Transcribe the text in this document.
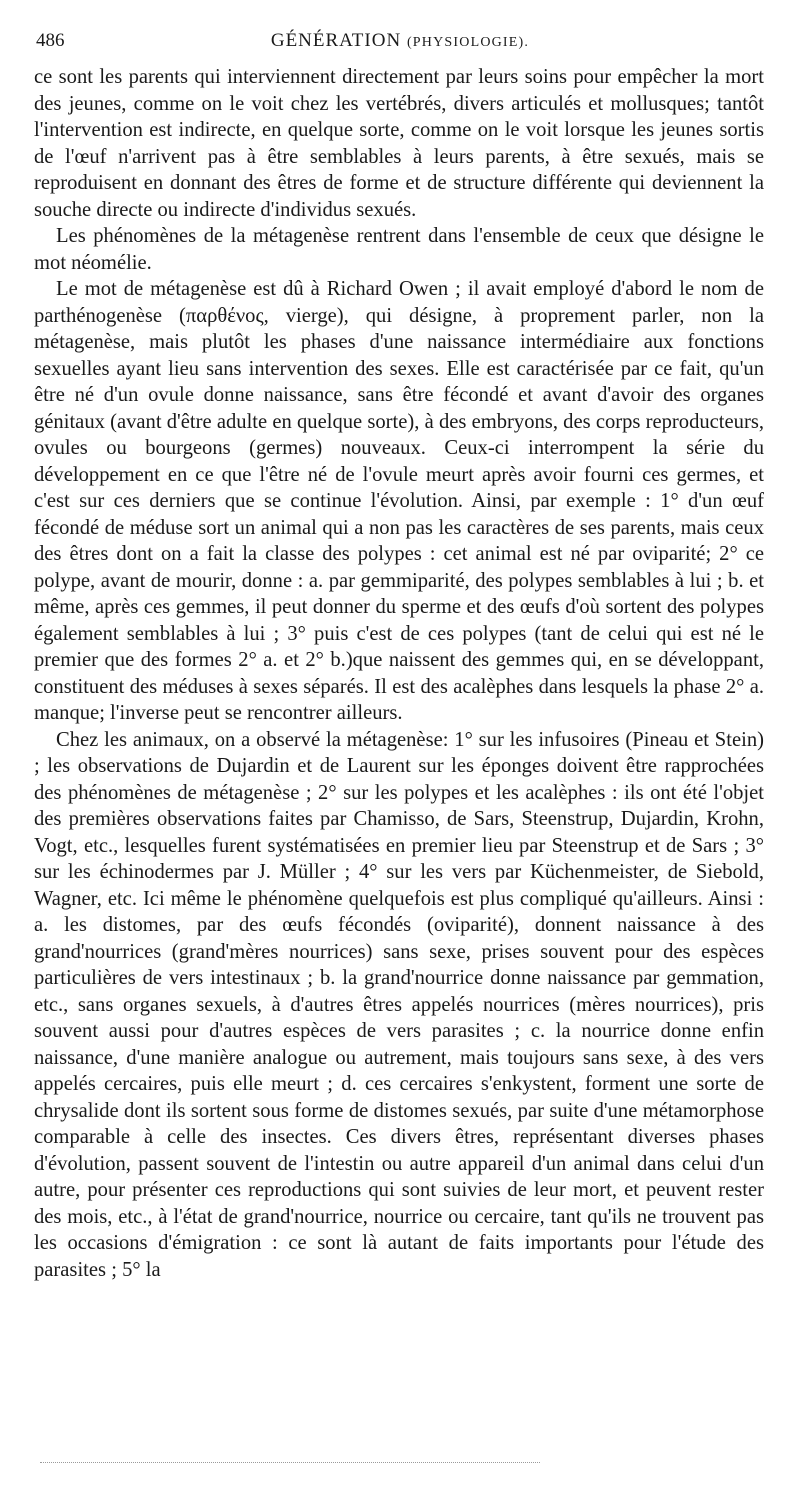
486	GÉNÉRATION (PHYSIOLOGIE).

ce sont les parents qui interviennent directement par leurs soins pour empêcher la mort des jeunes, comme on le voit chez les vertébrés, divers articulés et mollusques; tantôt l'intervention est indirecte, en quelque sorte, comme on le voit lorsque les jeunes sortis de l'œuf n'arrivent pas à être semblables à leurs parents, à être sexués, mais se reproduisent en donnant des êtres de forme et de structure différente qui deviennent la souche directe ou indirecte d'individus sexués.

Les phénomènes de la métagenèse rentrent dans l'ensemble de ceux que désigne le mot néomélie.

Le mot de métagenèse est dû à Richard Owen ; il avait employé d'abord le nom de parthénogenèse (παρθένος, vierge), qui désigne, à proprement parler, non la métagenèse, mais plutôt les phases d'une naissance intermédiaire aux fonctions sexuelles ayant lieu sans intervention des sexes. Elle est caractérisée par ce fait, qu'un être né d'un ovule donne naissance, sans être fécondé et avant d'avoir des organes génitaux (avant d'être adulte en quelque sorte), à des embryons, des corps reproducteurs, ovules ou bourgeons (germes) nouveaux. Ceux-ci interrompent la série du développement en ce que l'être né de l'ovule meurt après avoir fourni ces germes, et c'est sur ces derniers que se continue l'évolution. Ainsi, par exemple : 1° d'un œuf fécondé de méduse sort un animal qui a non pas les caractères de ses parents, mais ceux des êtres dont on a fait la classe des polypes : cet animal est né par oviparité; 2° ce polype, avant de mourir, donne : a. par gemmiparité, des polypes semblables à lui ; b. et même, après ces gemmes, il peut donner du sperme et des œufs d'où sortent des polypes également semblables à lui ; 3° puis c'est de ces polypes (tant de celui qui est né le premier que des formes 2° a. et 2° b.)que naissent des gemmes qui, en se développant, constituent des méduses à sexes séparés. Il est des acalèphes dans lesquels la phase 2° a. manque; l'inverse peut se rencontrer ailleurs.

Chez les animaux, on a observé la métagenèse: 1° sur les infusoires (Pineau et Stein) ; les observations de Dujardin et de Laurent sur les éponges doivent être rapprochées des phénomènes de métagenèse ; 2° sur les polypes et les acalèphes : ils ont été l'objet des premières observations faites par Chamisso, de Sars, Steenstrup, Dujardin, Krohn, Vogt, etc., lesquelles furent systématisées en premier lieu par Steenstrup et de Sars ; 3° sur les échinodermes par J. Müller ; 4° sur les vers par Küchenmeister, de Siebold, Wagner, etc. Ici même le phénomène quelquefois est plus compliqué qu'ailleurs. Ainsi : a. les distomes, par des œufs fécondés (oviparité), donnent naissance à des grand'nourrices (grand'mères nourrices) sans sexe, prises souvent pour des espèces particulières de vers intestinaux ; b. la grand'nourrice donne naissance par gemmation, etc., sans organes sexuels, à d'autres êtres appelés nourrices (mères nourrices), pris souvent aussi pour d'autres espèces de vers parasites ; c. la nourrice donne enfin naissance, d'une manière analogue ou autrement, mais toujours sans sexe, à des vers appelés cercaires, puis elle meurt ; d. ces cercaires s'enkystent, forment une sorte de chrysalide dont ils sortent sous forme de distomes sexués, par suite d'une métamorphose comparable à celle des insectes. Ces divers êtres, représentant diverses phases d'évolution, passent souvent de l'intestin ou autre appareil d'un animal dans celui d'un autre, pour présenter ces reproductions qui sont suivies de leur mort, et peuvent rester des mois, etc., à l'état de grand'nourrice, nourrice ou cercaire, tant qu'ils ne trouvent pas les occasions d'émigration : ce sont là autant de faits importants pour l'étude des parasites ; 5° la
